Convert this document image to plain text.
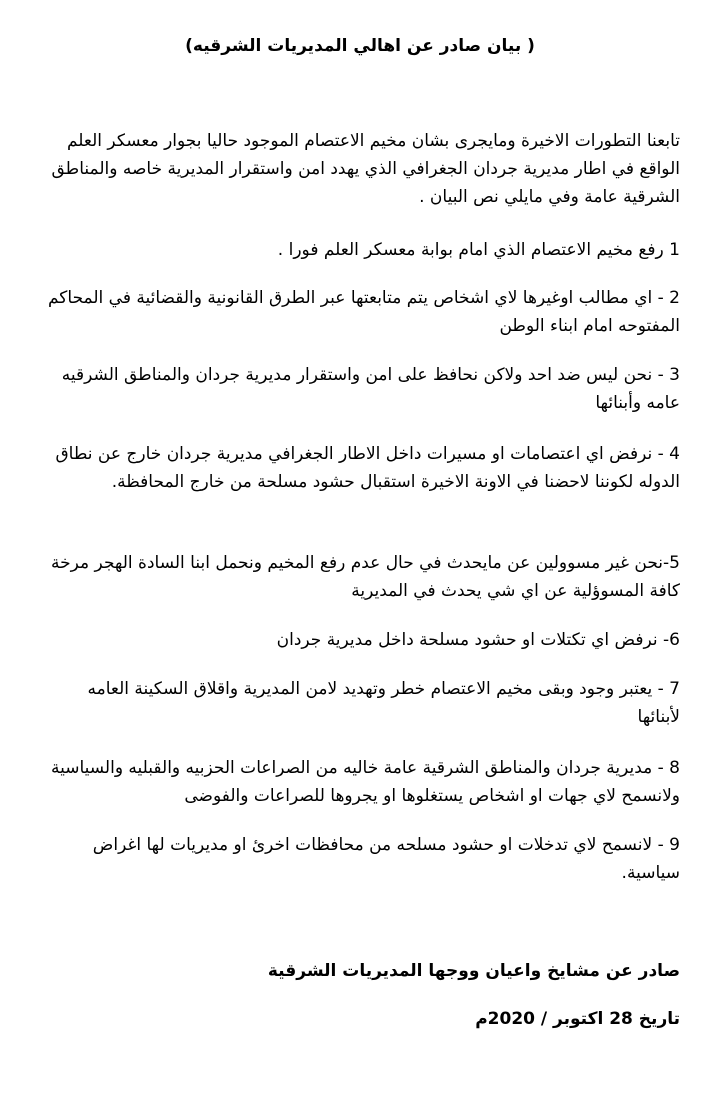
( بيان صادر عن اهالي المديريات الشرقيه)

تابعنا التطورات الاخيرة ومايجرى بشان مخيم الاعتصام الموجود حاليا بجوار معسكر العلم الواقع في اطار مديرية جردان الجغرافي الذي يهدد امن واستقرار المديرية خاصه والمناطق الشرقية عامة وفي مايلي نص البيان .

1 رفع مخيم الاعتصام الذي امام بوابة معسكر العلم فورا .

2 - اي مطالب اوغيرها لاي اشخاص يتم متابعتها عبر الطرق القانونية والقضائية في المحاكم المفتوحه امام ابناء الوطن

3 - نحن ليس ضد احد ولاكن نحافظ على امن واستقرار مديرية جردان والمناطق الشرقيه عامه وأبنائها

4 - نرفض اي اعتصامات او مسيرات داخل الاطار الجغرافي مديرية جردان خارج عن نطاق الدوله لكوننا لاحضنا في الاونة الاخيرة استقبال حشود مسلحة من خارج المحافظة.

5-نحن غير مسوولين عن مايحدث في حال عدم رفع المخيم ونحمل ابنا السادة الهجر مرخة كافة المسوؤلية عن اي شي يحدث في المديرية

6- نرفض اي تكتلات او حشود مسلحة داخل مديرية جردان

7 - يعتبر وجود وبقى مخيم الاعتصام خطر وتهديد لامن المديرية واقلاق السكينة العامه لأبنائها

8 - مديرية جردان والمناطق الشرقية عامة خاليه من الصراعات الحزبيه والقبليه والسياسية ولانسمح لاي جهات او اشخاص يستغلوها او يجروها للصراعات والفوضى

9 - لانسمح لاي تدخلات او حشود مسلحه من محافظات اخرئ او مديريات لها اغراض سياسية.

صادر عن مشايخ واعيان ووجها المديريات الشرقية

تاريخ 28 اكتوبر / 2020م
